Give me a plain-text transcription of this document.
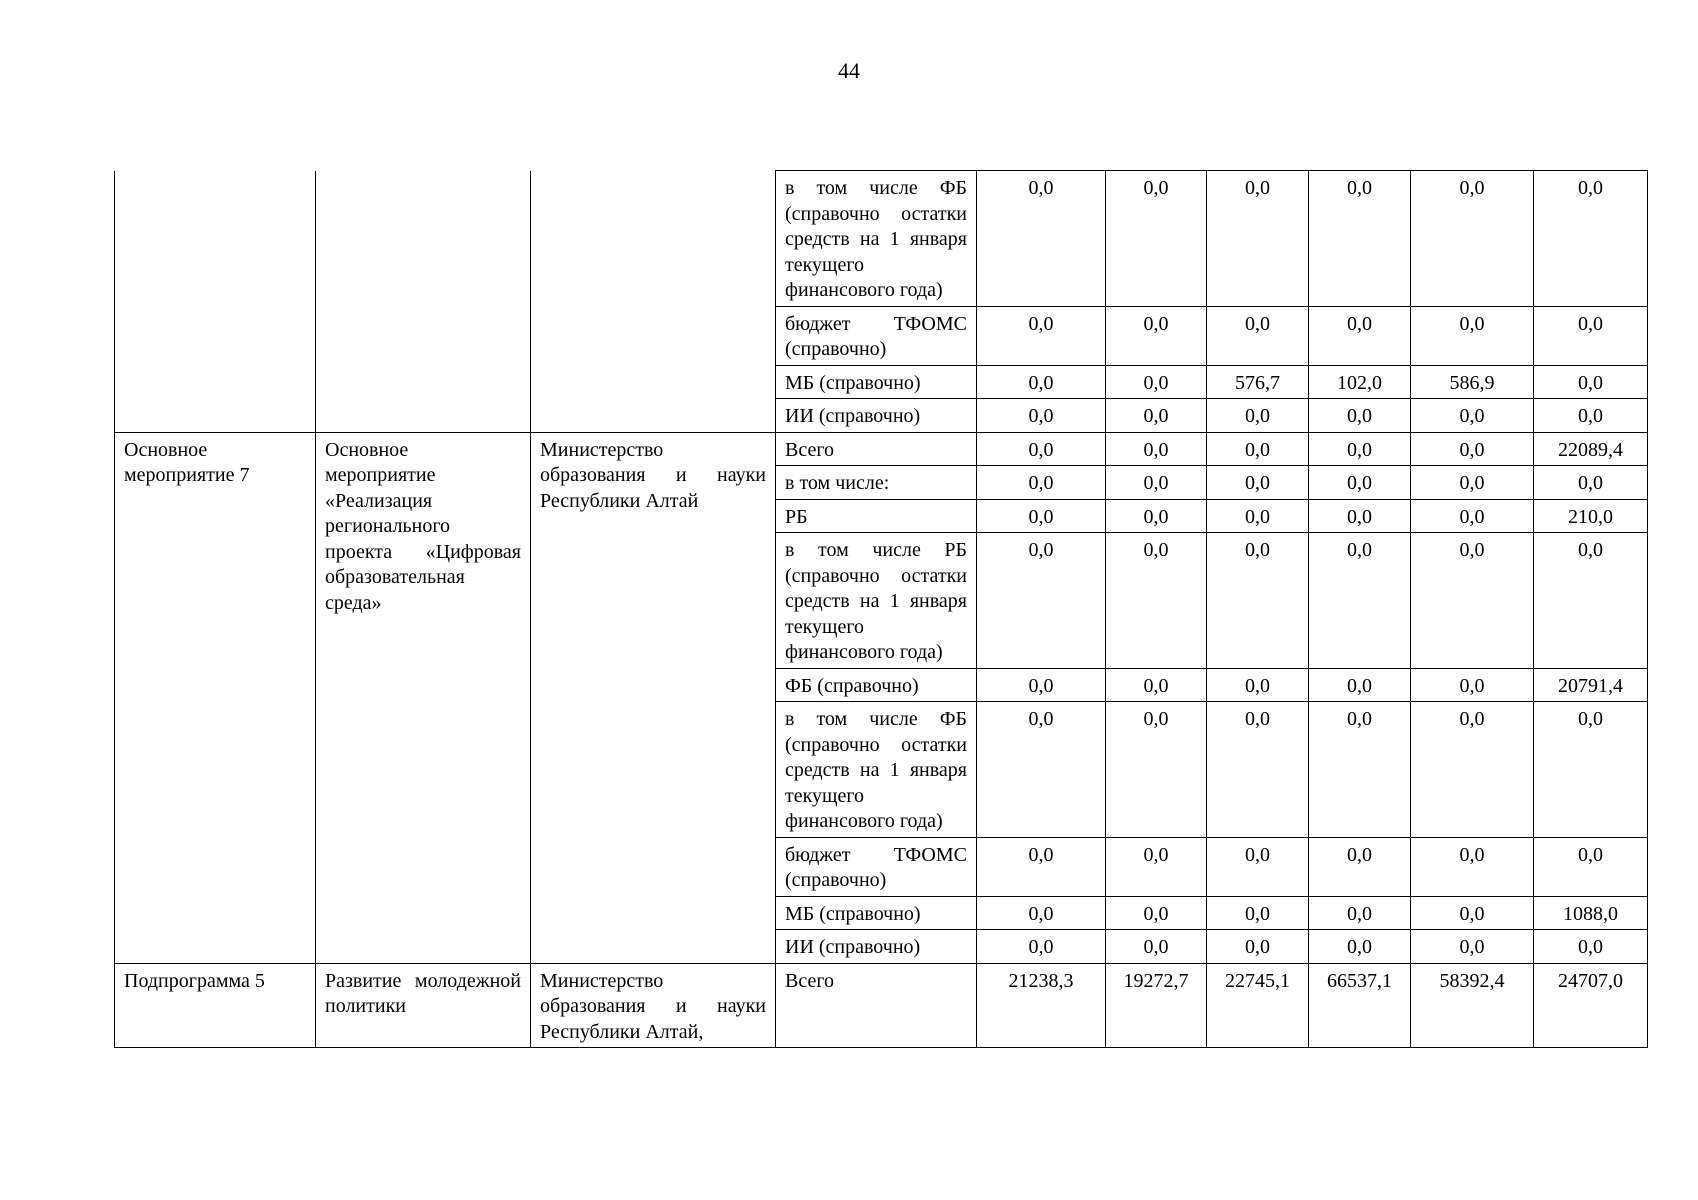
44
			в том числе ФБ (справочно остатки средств на 1 января текущего финансового года)	0,0	0,0	0,0	0,0	0,0	0,0
			бюджет ТФОМС (справочно)	0,0	0,0	0,0	0,0	0,0	0,0
			МБ (справочно)	0,0	0,0	576,7	102,0	586,9	0,0
			ИИ (справочно)	0,0	0,0	0,0	0,0	0,0	0,0
Основное мероприятие 7	Основное мероприятие «Реализация регионального проекта «Цифровая образовательная среда»	Министерство образования и науки Республики Алтай	Всего	0,0	0,0	0,0	0,0	0,0	22089,4
			в том числе:	0,0	0,0	0,0	0,0	0,0	0,0
			РБ	0,0	0,0	0,0	0,0	0,0	210,0
			в том числе РБ (справочно остатки средств на 1 января текущего финансового года)	0,0	0,0	0,0	0,0	0,0	0,0
			ФБ (справочно)	0,0	0,0	0,0	0,0	0,0	20791,4
			в том числе ФБ (справочно остатки средств на 1 января текущего финансового года)	0,0	0,0	0,0	0,0	0,0	0,0
			бюджет ТФОМС (справочно)	0,0	0,0	0,0	0,0	0,0	0,0
			МБ (справочно)	0,0	0,0	0,0	0,0	0,0	1088,0
			ИИ (справочно)	0,0	0,0	0,0	0,0	0,0	0,0
Подпрограмма 5	Развитие молодежной политики	Министерство образования и науки Республики Алтай,	Всего	21238,3	19272,7	22745,1	66537,1	58392,4	24707,0
